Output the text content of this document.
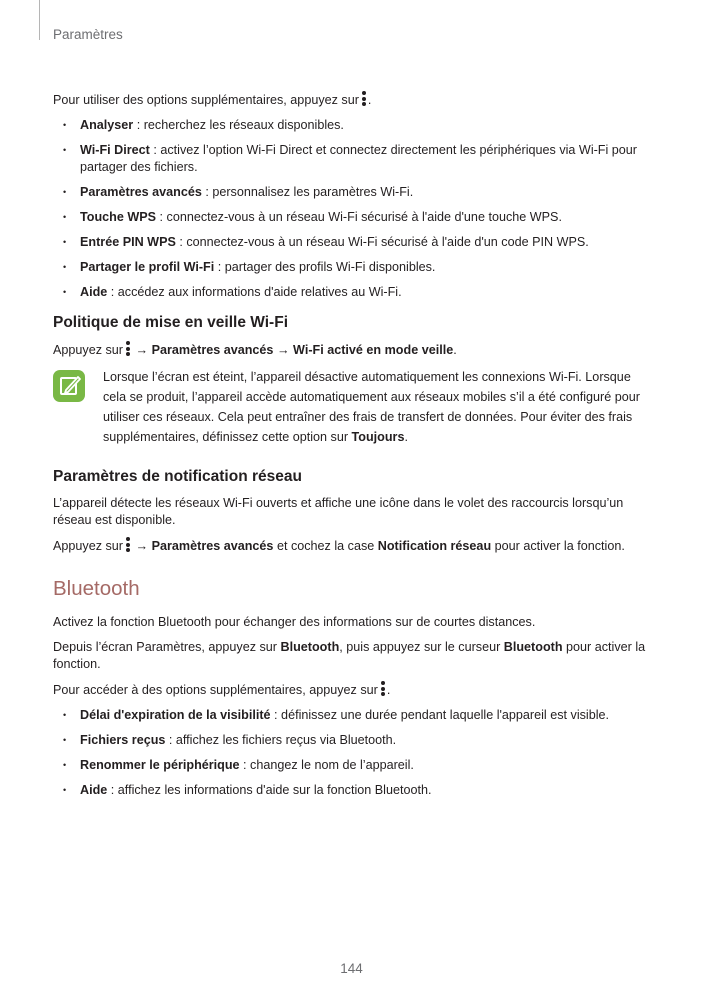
Paramètres

Pour utiliser des options supplémentaires, appuyez sur .

• Analyser : recherchez les réseaux disponibles.
• Wi-Fi Direct : activez l’option Wi-Fi Direct et connectez directement les périphériques via Wi-Fi pour partager des fichiers.
• Paramètres avancés : personnalisez les paramètres Wi-Fi.
• Touche WPS : connectez-vous à un réseau Wi-Fi sécurisé à l'aide d'une touche WPS.
• Entrée PIN WPS : connectez-vous à un réseau Wi-Fi sécurisé à l'aide d'un code PIN WPS.
• Partager le profil Wi-Fi : partager des profils Wi-Fi disponibles.
• Aide : accédez aux informations d'aide relatives au Wi-Fi.
Politique de mise en veille Wi-Fi

Appuyez sur
→ Paramètres avancés → Wi-Fi activé en mode veille.

Lorsque l’écran est éteint, l’appareil désactive automatiquement les connexions Wi-Fi. Lorsque cela se produit, l’appareil accède automatiquement aux réseaux mobiles s’il a été configuré pour utiliser ces réseaux. Cela peut entraîner des frais de transfert de données. Pour éviter des frais supplémentaires, définissez cette option sur Toujours.
Paramètres de notification réseau

L’appareil détecte les réseaux Wi-Fi ouverts et affiche une icône dans le volet des raccourcis lorsqu’un réseau est disponible.

Appuyez sur
→ Paramètres avancés et cochez la case Notification réseau pour activer la fonction.

Bluetooth

Activez la fonction Bluetooth pour échanger des informations sur de courtes distances.

Depuis l’écran Paramètres, appuyez sur Bluetooth, puis appuyez sur le curseur Bluetooth pour activer la fonction.

Pour accéder à des options supplémentaires, appuyez sur .

• Délai d'expiration de la visibilité : définissez une durée pendant laquelle l'appareil est visible.
• Fichiers reçus : affichez les fichiers reçus via Bluetooth.
• Renommer le périphérique : changez le nom de l’appareil.
• Aide : affichez les informations d'aide sur la fonction Bluetooth.
144
